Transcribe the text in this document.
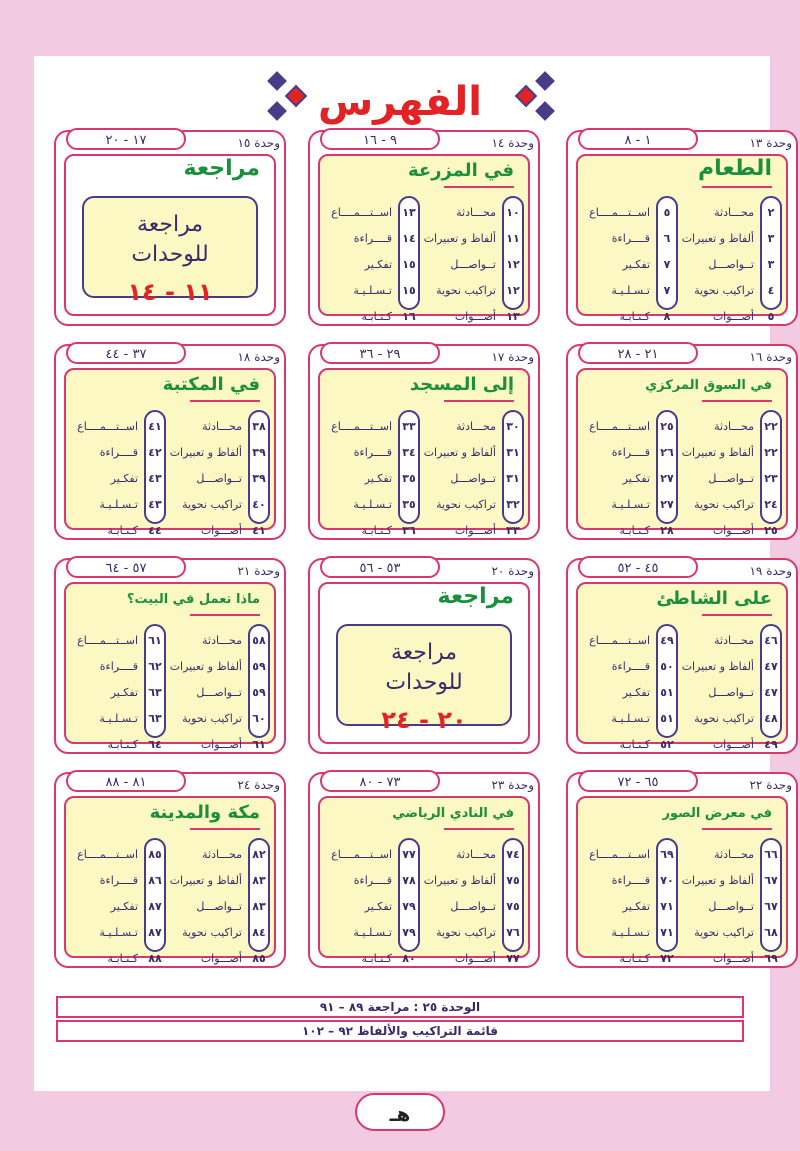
الفهرس
وحدة ١٣
١ - ٨
الطعام
٢
محـــادثة
٥
اســتـــمــــاع
٣
ألفاظ و تعبيرات
٦
قــــراءة
٣
تــواصـــل
٧
تفكـير
٤
تراكيب نحوية
٧
تـسـلـيـة
٥
أصـــوات
٨
كـتـابـة
وحدة ١٤
٩ - ١٦
في المزرعة
١٠
محـــادثة
١٣
اســتـــمــــاع
١١
ألفاظ و تعبيرات
١٤
قــــراءة
١٢
تــواصـــل
١٥
تفكـير
١٢
تراكيب نحوية
١٥
تـسـلـيـة
١٣
أصـــوات
١٦
كـتـابـة
وحدة ١٥
١٧ - ٢٠
مراجعة
مراجعة
للوحدات
١١ - ١٤
وحدة ١٦
٢١ - ٢٨
في السوق المركزي
٢٢
محـــادثة
٢٥
اســتـــمــــاع
٢٢
ألفاظ و تعبيرات
٢٦
قــــراءة
٢٣
تــواصـــل
٢٧
تفكـير
٢٤
تراكيب نحوية
٢٧
تـسـلـيـة
٢٥
أصـــوات
٢٨
كـتـابـة
وحدة ١٧
٢٩ - ٣٦
إلى المسجد
٣٠
محـــادثة
٣٣
اســتـــمــــاع
٣١
ألفاظ و تعبيرات
٣٤
قــــراءة
٣١
تــواصـــل
٣٥
تفكـير
٣٢
تراكيب نحوية
٣٥
تـسـلـيـة
٣٣
أصـــوات
٣٦
كـتـابـة
وحدة ١٨
٣٧ - ٤٤
في المكتبة
٣٨
محـــادثة
٤١
اســتـــمــــاع
٣٩
ألفاظ و تعبيرات
٤٢
قــــراءة
٣٩
تــواصـــل
٤٣
تفكـير
٤٠
تراكيب نحوية
٤٣
تـسـلـيـة
٤١
أصـــوات
٤٤
كـتـابـة
وحدة ١٩
٤٥ - ٥٢
على الشاطئ
٤٦
محـــادثة
٤٩
اســتـــمــــاع
٤٧
ألفاظ و تعبيرات
٥٠
قــــراءة
٤٧
تــواصـــل
٥١
تفكـير
٤٨
تراكيب نحوية
٥١
تـسـلـيـة
٤٩
أصـــوات
٥٢
كـتـابـة
وحدة ٢٠
٥٣ - ٥٦
مراجعة
مراجعة
للوحدات
٢٠ - ٢٤
وحدة ٢١
٥٧ - ٦٤
ماذا تعمل في البيت؟
٥٨
محـــادثة
٦١
اســتـــمــــاع
٥٩
ألفاظ و تعبيرات
٦٢
قــــراءة
٥٩
تــواصـــل
٦٣
تفكـير
٦٠
تراكيب نحوية
٦٣
تـسـلـيـة
٦١
أصـــوات
٦٤
كـتـابـة
وحدة ٢٢
٦٥ - ٧٢
في معرض الصور
٦٦
محـــادثة
٦٩
اســتـــمــــاع
٦٧
ألفاظ و تعبيرات
٧٠
قــــراءة
٦٧
تــواصـــل
٧١
تفكـير
٦٨
تراكيب نحوية
٧١
تـسـلـيـة
٦٩
أصـــوات
٧٢
كـتـابـة
وحدة ٢٣
٧٣ - ٨٠
في النادي الرياضي
٧٤
محـــادثة
٧٧
اســتـــمــــاع
٧٥
ألفاظ و تعبيرات
٧٨
قــــراءة
٧٥
تــواصـــل
٧٩
تفكـير
٧٦
تراكيب نحوية
٧٩
تـسـلـيـة
٧٧
أصـــوات
٨٠
كـتـابـة
وحدة ٢٤
٨١ - ٨٨
مكة والمدينة
٨٢
محـــادثة
٨٥
اســتـــمــــاع
٨٣
ألفاظ و تعبيرات
٨٦
قــــراءة
٨٣
تــواصـــل
٨٧
تفكـير
٨٤
تراكيب نحوية
٨٧
تـسـلـيـة
٨٥
أصـــوات
٨٨
كـتـابـة
الوحدة ٢٥ : مراجعة ٨٩ – ٩١
قائمة التراكيب والألفاظ ٩٢ – ١٠٢
هـ
